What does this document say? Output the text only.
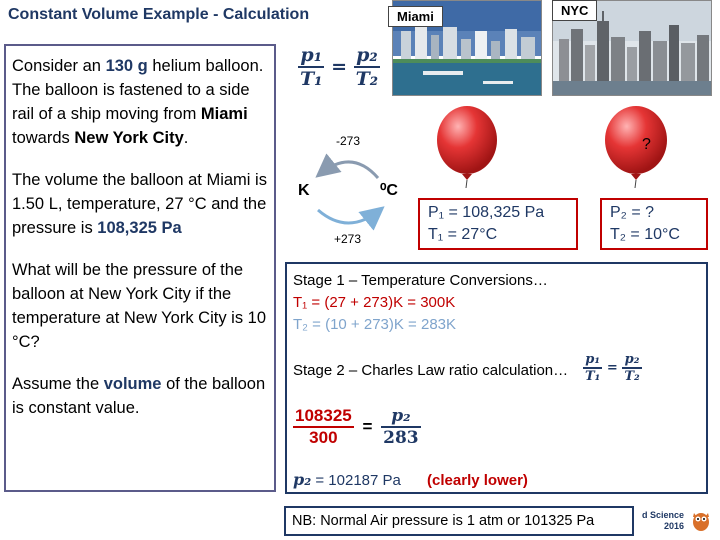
Constant Volume Example - Calculation

Consider an 130 g helium balloon. The balloon is fastened to a side rail of a ship moving from Miami towards New York City.

The volume the balloon at Miami is 1.50 L, temperature, 27 °C and the pressure is 108,325 Pa

What will be the pressure of the balloon at New York City if the temperature at New York City is 10 °C?

Assume the volume of the balloon is constant value.

Miami	NYC
$\frac{\text{p₁}}{\text{T₁}} = \frac{\text{p₂}}{\text{T₂}}$
-273
+273
K	⁰C
?
P₁ = 108,325 Pa
T₁ = 27°C
P₂ = ?
T₂ = 10°C
Stage 1 – Temperature Conversions…
T₁ = (27 + 273)K = 300K
T₂ = (10 + 273)K = 283K
Stage 2 – Charles Law ratio calculation… $\frac{\text{p₁}}{\text{T₁}} = \frac{\text{p₂}}{\text{T₂}}$
$\frac{108325}{300} = \frac{\text{p₂}}{283}$
p₂ = 102187 Pa (clearly lower)
NB: Normal Air pressure is 1 atm or 101325 Pa	d Science
2016
